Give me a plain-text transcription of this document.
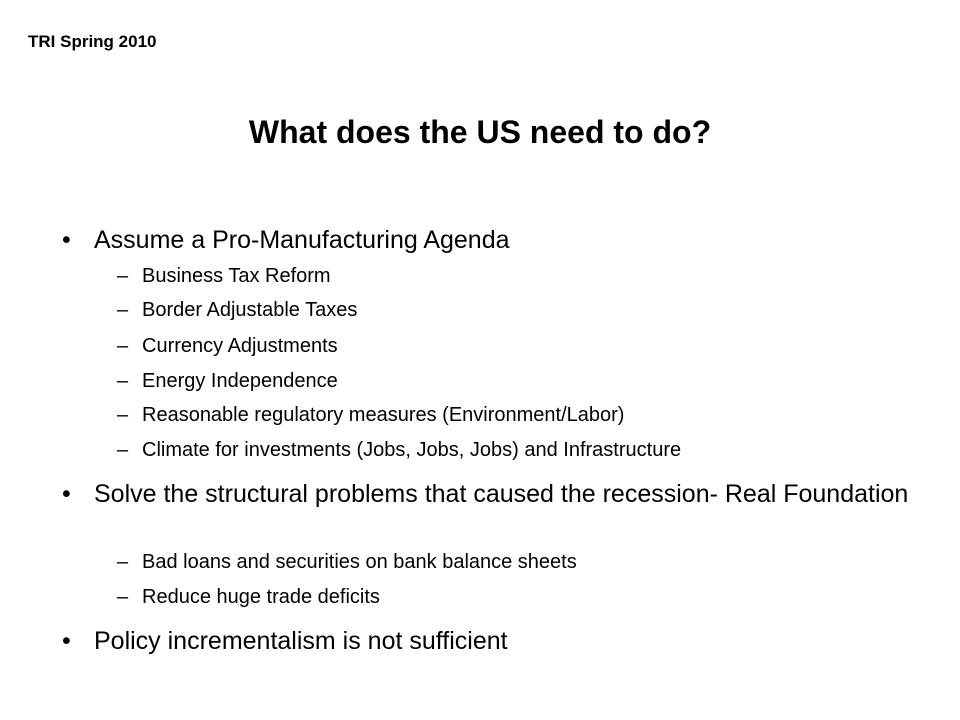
TRI Spring 2010
What does the US need to do?
• Assume a Pro-Manufacturing Agenda
– Business Tax Reform
– Border Adjustable Taxes
– Currency Adjustments
– Energy Independence
– Reasonable regulatory measures (Environment/Labor)
– Climate for investments (Jobs, Jobs, Jobs) and Infrastructure
• Solve the structural problems that caused the recession- Real Foundation
– Bad loans and securities on bank balance sheets
– Reduce huge trade deficits
• Policy incrementalism is not sufficient
